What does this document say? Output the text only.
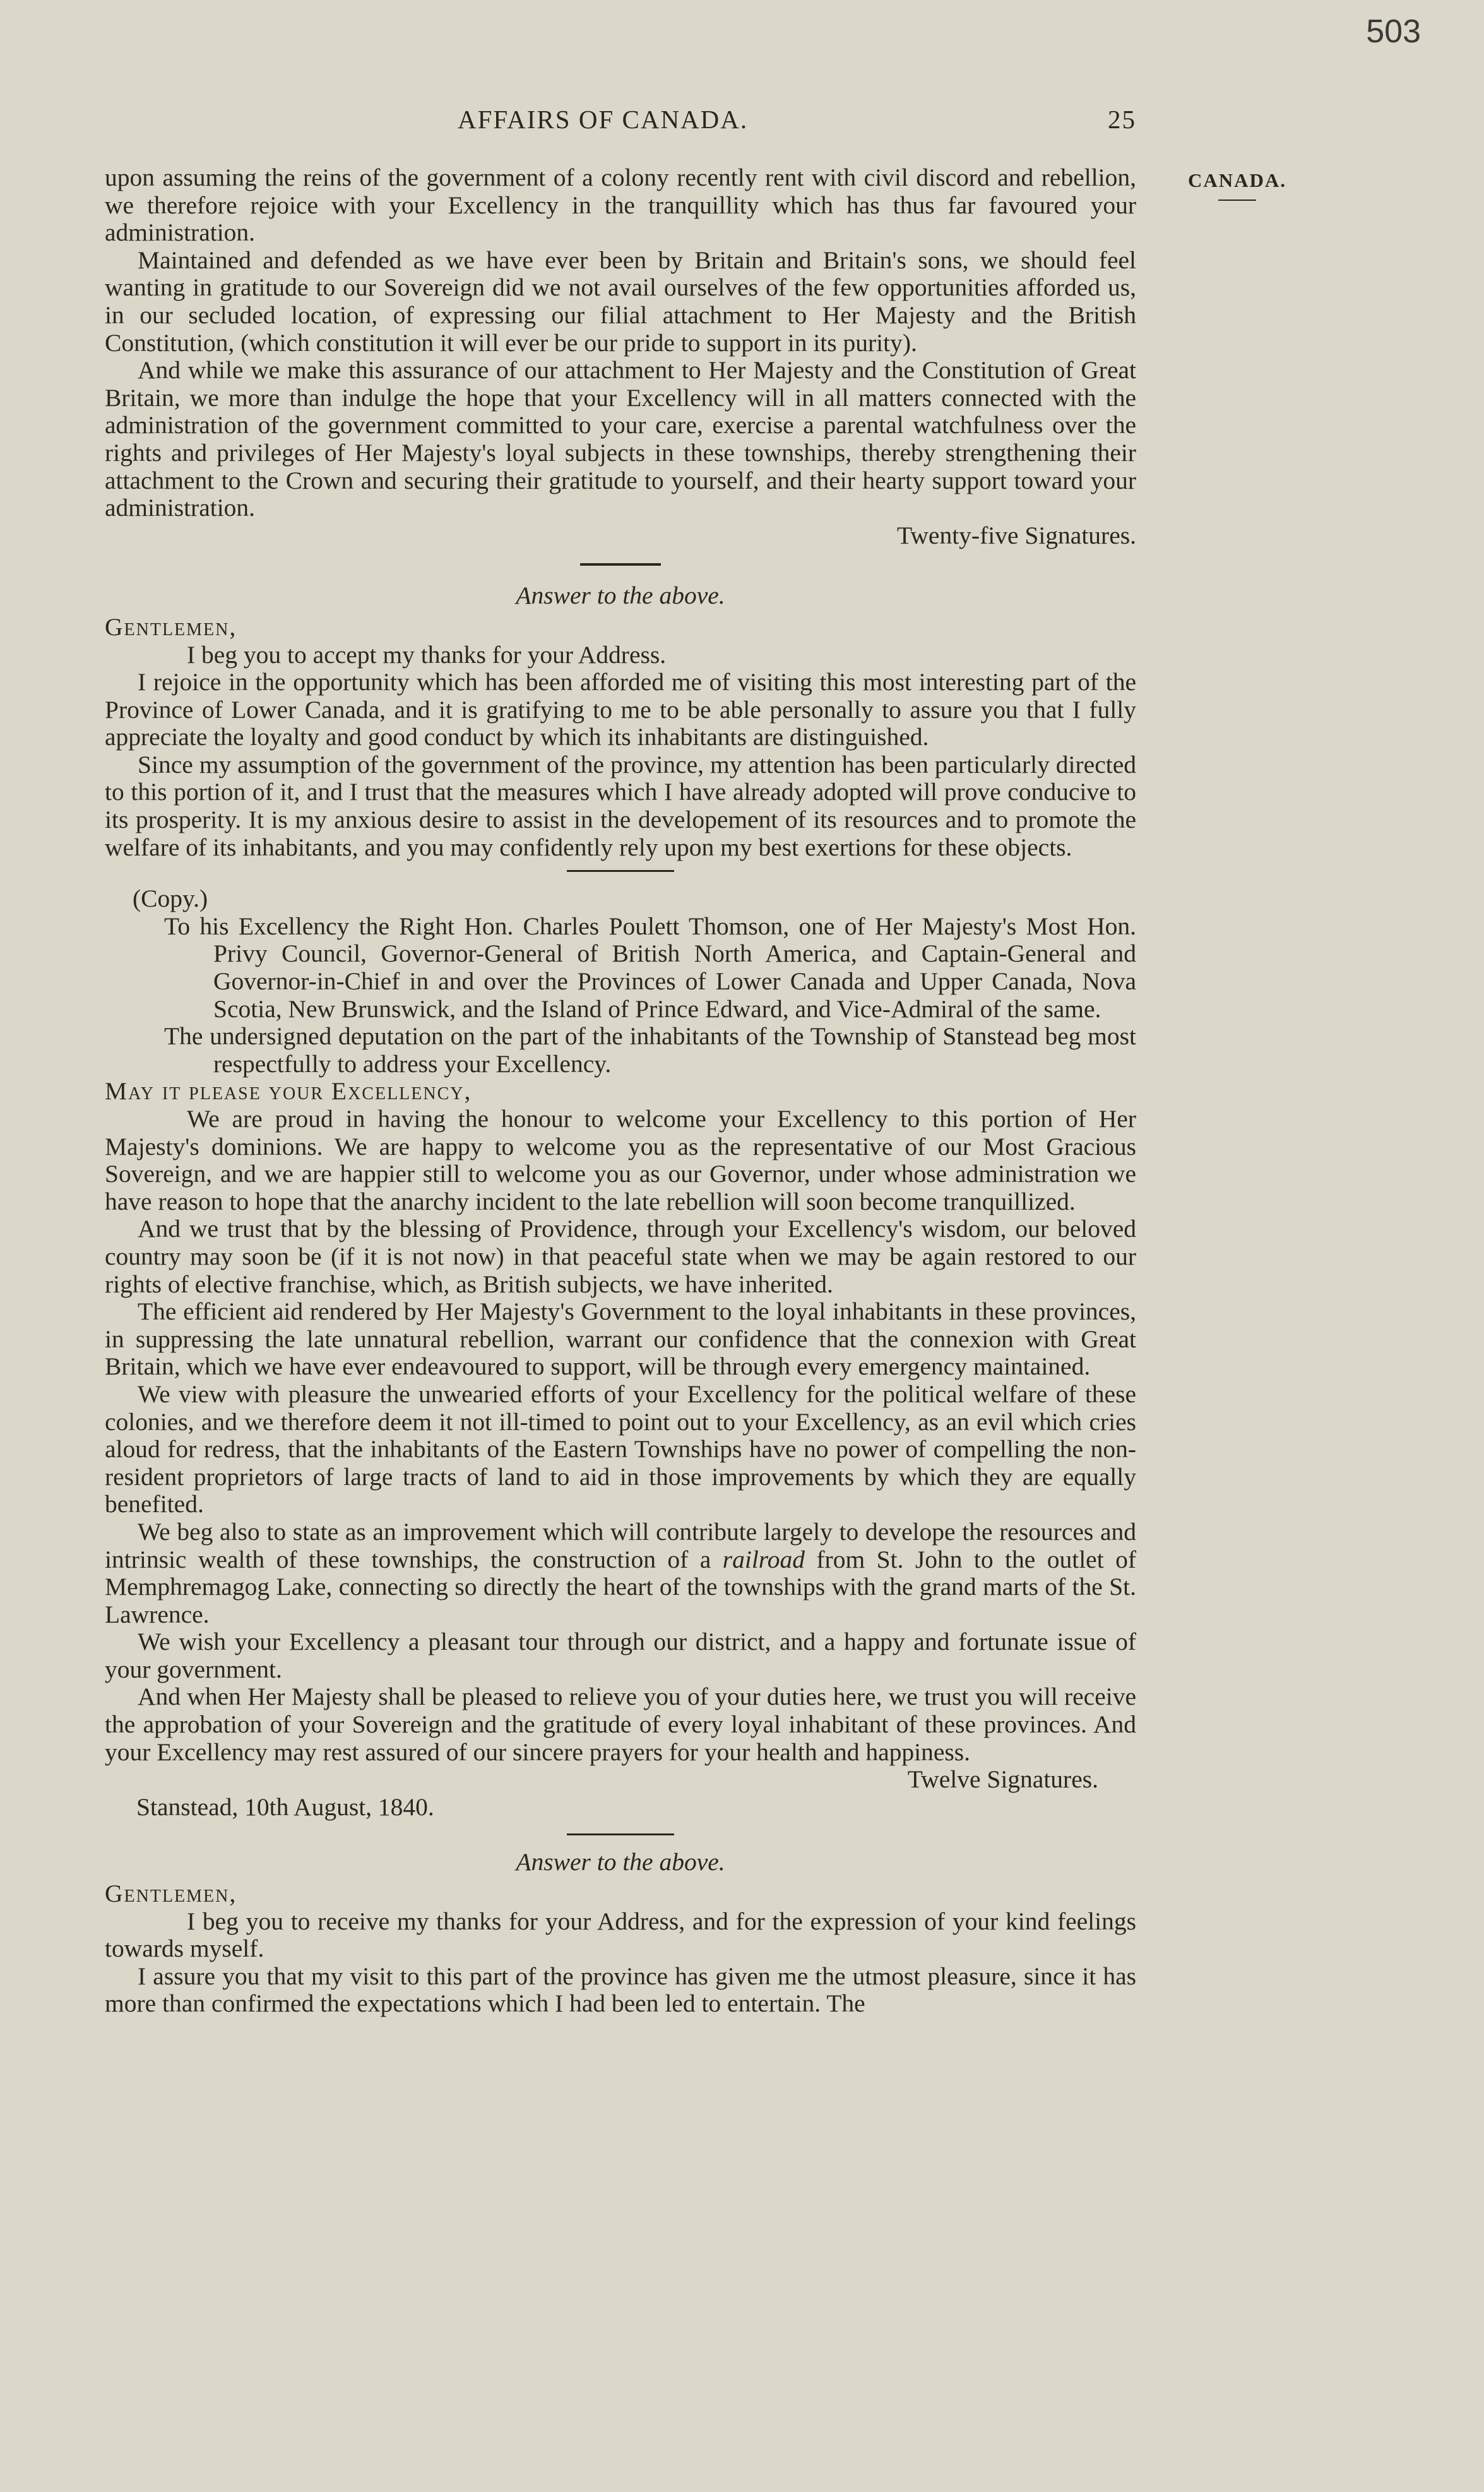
503
AFFAIRS OF CANADA.	25
CANADA.

upon assuming the reins of the government of a colony recently rent with civil discord and rebellion, we therefore rejoice with your Excellency in the tranquillity which has thus far favoured your administration.

Maintained and defended as we have ever been by Britain and Britain's sons, we should feel wanting in gratitude to our Sovereign did we not avail ourselves of the few opportunities afforded us, in our secluded location, of expressing our filial attachment to Her Majesty and the British Constitution, (which constitution it will ever be our pride to support in its purity).

And while we make this assurance of our attachment to Her Majesty and the Constitution of Great Britain, we more than indulge the hope that your Excellency will in all matters connected with the administration of the government committed to your care, exercise a parental watchfulness over the rights and privileges of Her Majesty's loyal subjects in these townships, thereby strengthening their attachment to the Crown and securing their gratitude to yourself, and their hearty support toward your administration.

Twenty-five Signatures.

Answer to the above.

Gentlemen,

I beg you to accept my thanks for your Address.

I rejoice in the opportunity which has been afforded me of visiting this most interesting part of the Province of Lower Canada, and it is gratifying to me to be able personally to assure you that I fully appreciate the loyalty and good conduct by which its inhabitants are distinguished.

Since my assumption of the government of the province, my attention has been particularly directed to this portion of it, and I trust that the measures which I have already adopted will prove conducive to its prosperity. It is my anxious desire to assist in the developement of its resources and to promote the welfare of its inhabitants, and you may confidently rely upon my best exertions for these objects.

(Copy.)

To his Excellency the Right Hon. Charles Poulett Thomson, one of Her Majesty's Most Hon. Privy Council, Governor-General of British North America, and Captain-General and Governor-in-Chief in and over the Provinces of Lower Canada and Upper Canada, Nova Scotia, New Brunswick, and the Island of Prince Edward, and Vice-Admiral of the same.

The undersigned deputation on the part of the inhabitants of the Township of Stanstead beg most respectfully to address your Excellency.

May it please your Excellency,

We are proud in having the honour to welcome your Excellency to this portion of Her Majesty's dominions. We are happy to welcome you as the representative of our Most Gracious Sovereign, and we are happier still to welcome you as our Governor, under whose administration we have reason to hope that the anarchy incident to the late rebellion will soon become tranquillized.

And we trust that by the blessing of Providence, through your Excellency's wisdom, our beloved country may soon be (if it is not now) in that peaceful state when we may be again restored to our rights of elective franchise, which, as British subjects, we have inherited.

The efficient aid rendered by Her Majesty's Government to the loyal inhabitants in these provinces, in suppressing the late unnatural rebellion, warrant our confidence that the connexion with Great Britain, which we have ever endeavoured to support, will be through every emergency maintained.

We view with pleasure the unwearied efforts of your Excellency for the political welfare of these colonies, and we therefore deem it not ill-timed to point out to your Excellency, as an evil which cries aloud for redress, that the inhabitants of the Eastern Townships have no power of compelling the non-resident proprietors of large tracts of land to aid in those improvements by which they are equally benefited.

We beg also to state as an improvement which will contribute largely to develope the resources and intrinsic wealth of these townships, the construction of a railroad from St. John to the outlet of Memphremagog Lake, connecting so directly the heart of the townships with the grand marts of the St. Lawrence.

We wish your Excellency a pleasant tour through our district, and a happy and fortunate issue of your government.

And when Her Majesty shall be pleased to relieve you of your duties here, we trust you will receive the approbation of your Sovereign and the gratitude of every loyal inhabitant of these provinces. And your Excellency may rest assured of our sincere prayers for your health and happiness.

Twelve Signatures.

Stanstead, 10th August, 1840.

Answer to the above.

Gentlemen,

I beg you to receive my thanks for your Address, and for the expression of your kind feelings towards myself.

I assure you that my visit to this part of the province has given me the utmost pleasure, since it has more than confirmed the expectations which I had been led to entertain. The
